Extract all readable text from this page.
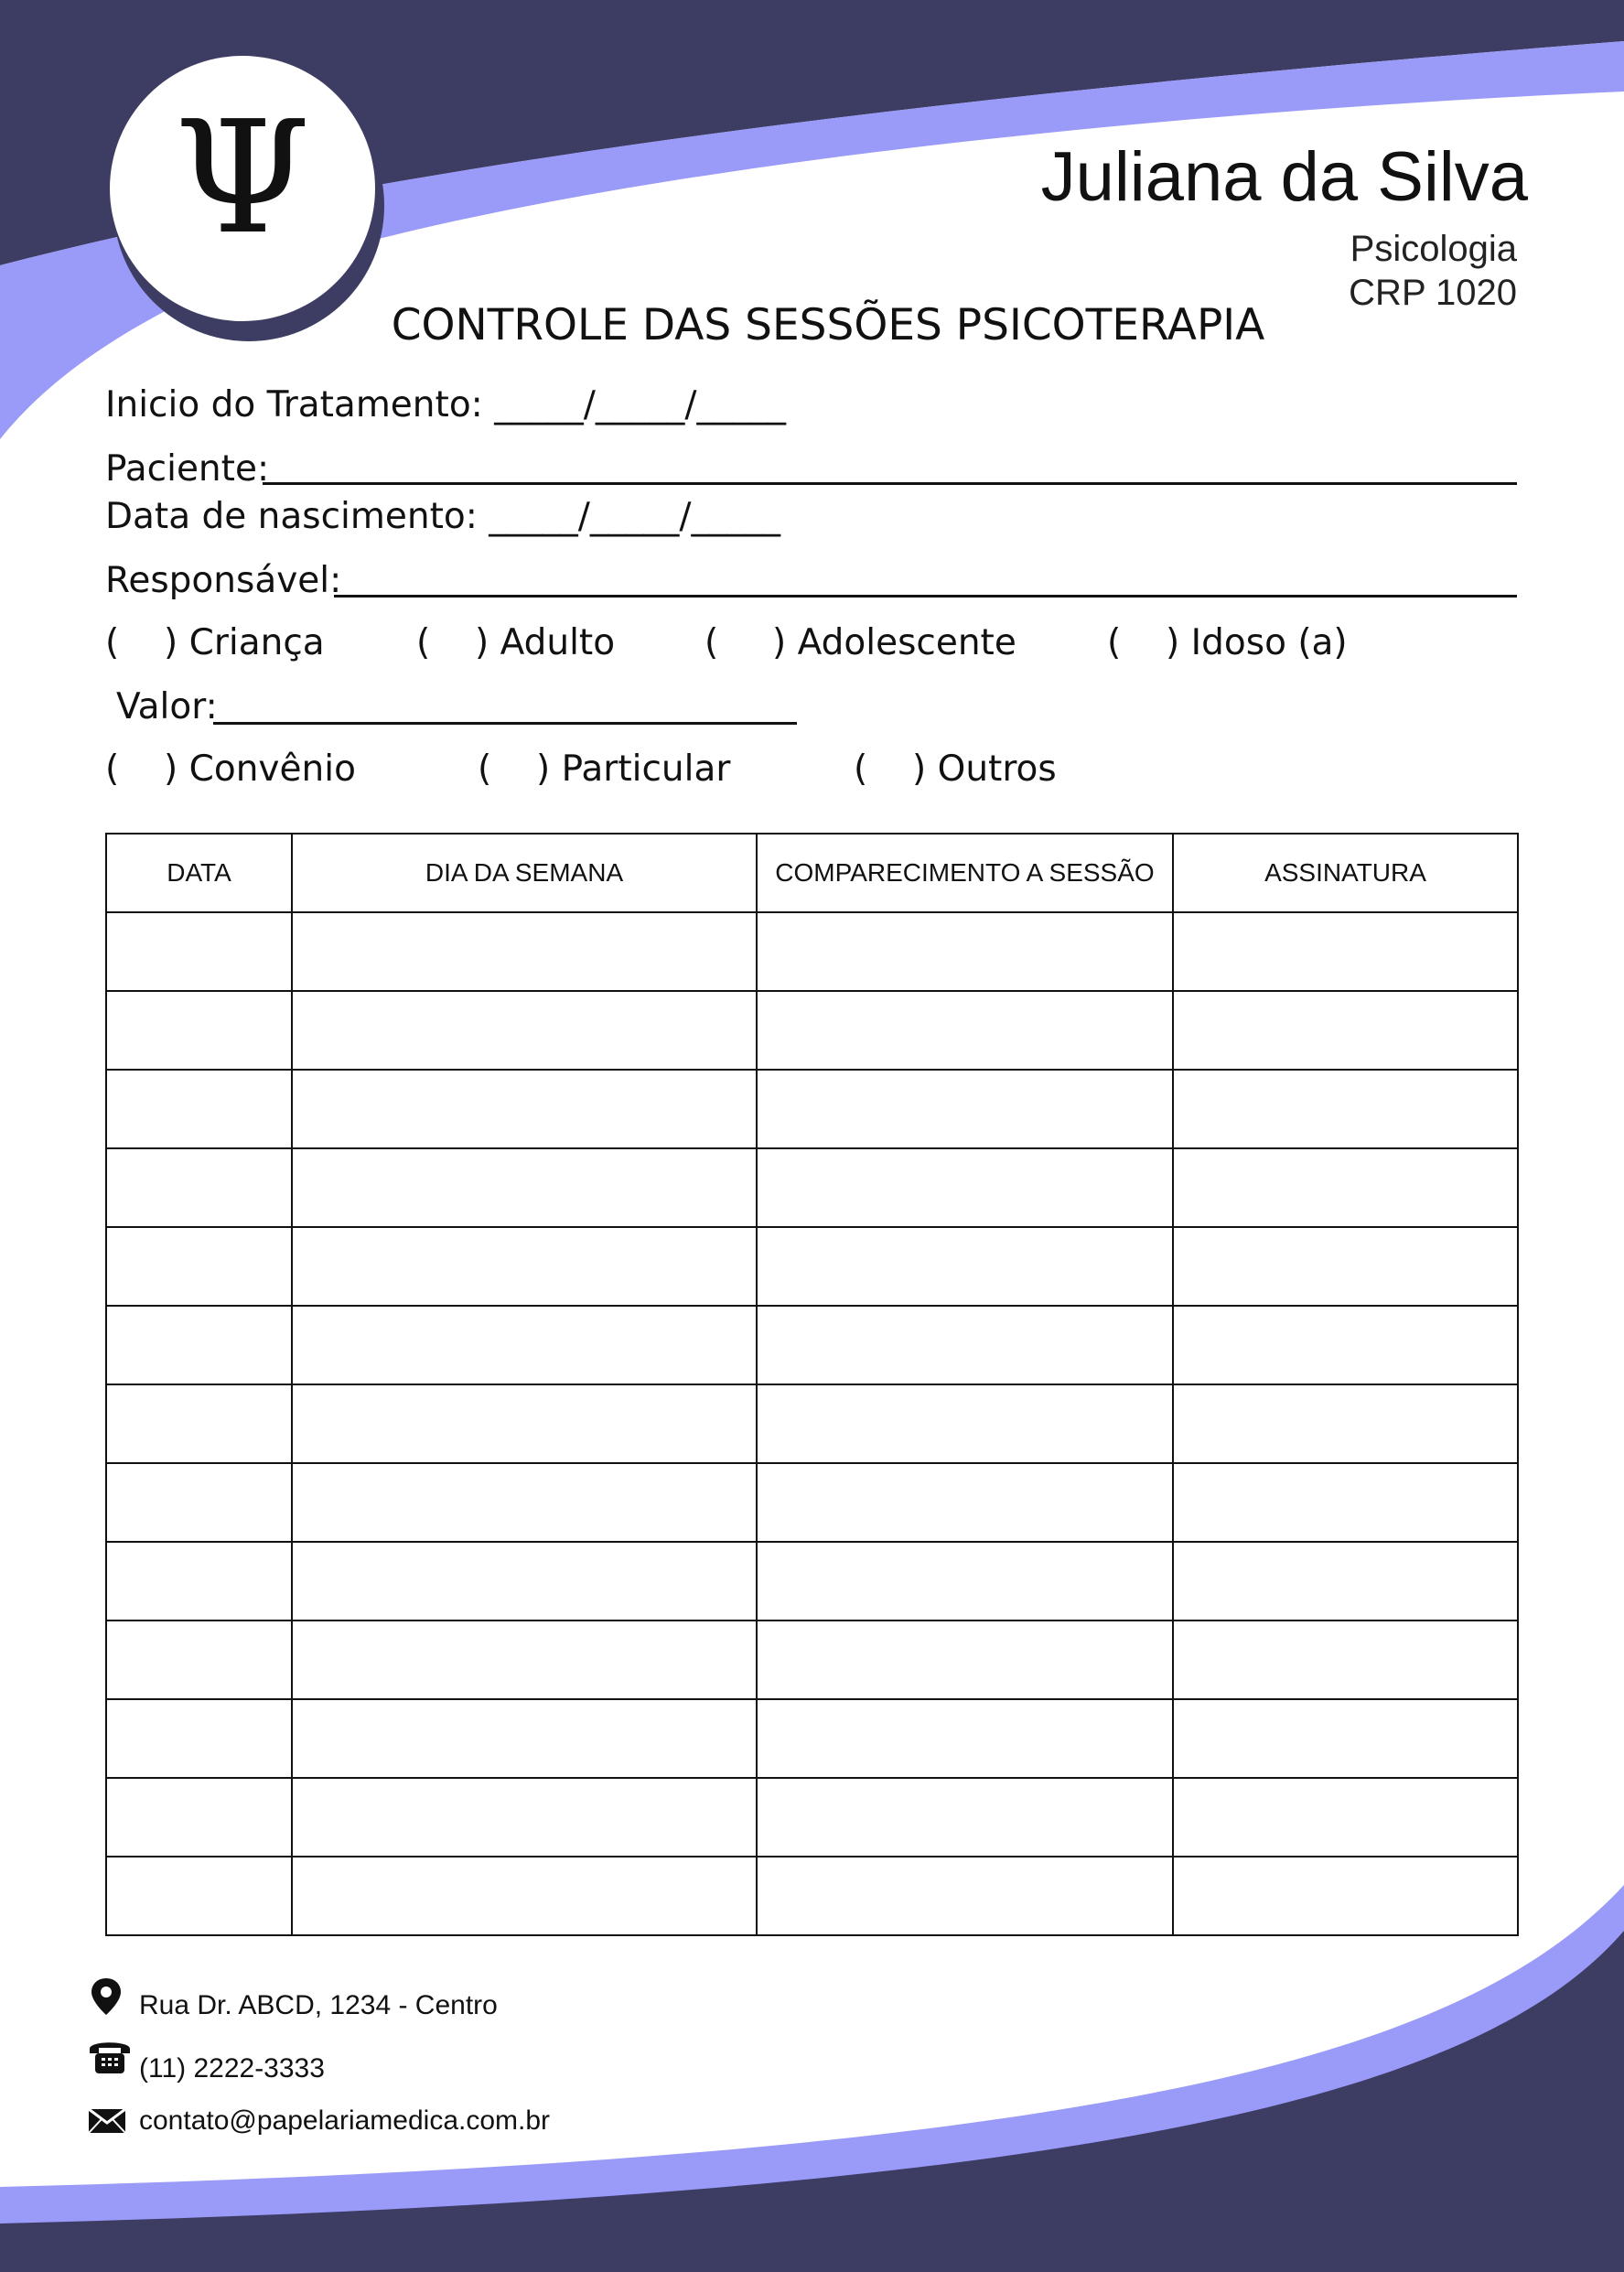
Ψ	Juliana da Silva
Psicologia
CRP 1020
CONTROLE DAS SESSÕES PSICOTERAPIA
Inicio do Tratamento: _____/_____/_____
Paciente:
Data de nascimento: _____/_____/_____
Responsável:
( ) Criança	( ) Adulto	( ) Adolescente	( ) Idoso (a)
Valor:
( ) Convênio	( ) Particular	( ) Outros
DATA	DIA DA SEMANA	COMPARECIMENTO A SESSÃO	ASSINATURA

Rua Dr. ABCD, 1234 - Centro
(11) 2222-3333
contato@papelariamedica.com.br
